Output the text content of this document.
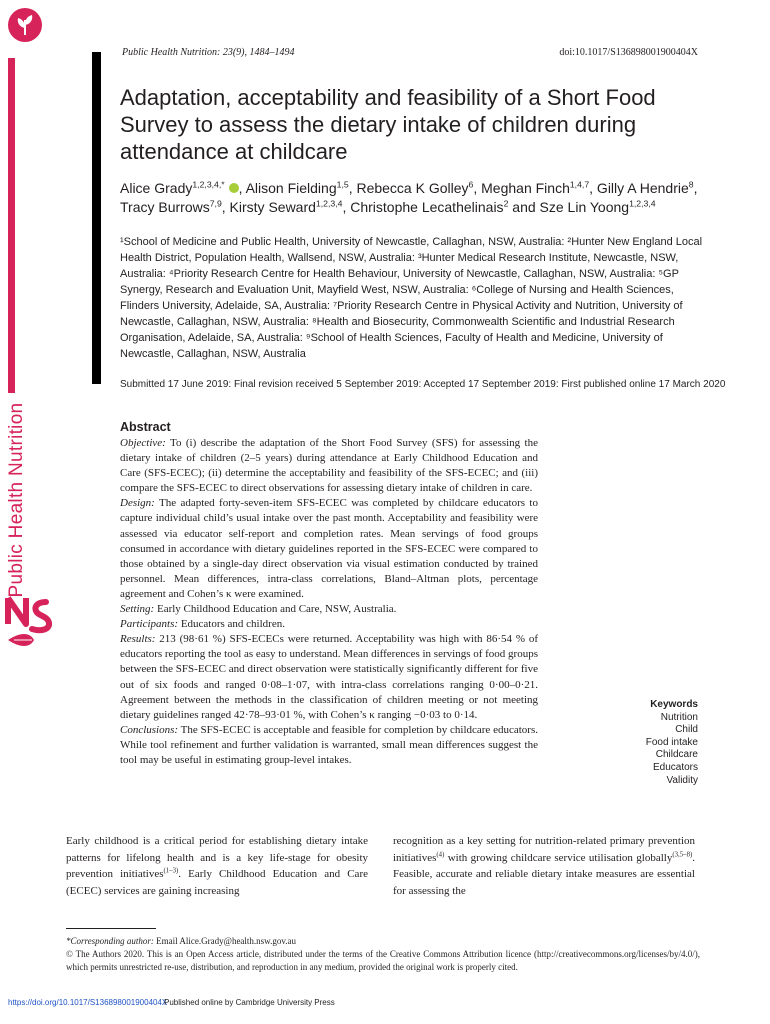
Public Health Nutrition
Public Health Nutrition: 23(9), 1484–1494	doi:10.1017/S136898001900404X
Adaptation, acceptability and feasibility of a Short Food Survey to assess the dietary intake of children during attendance at childcare
Alice Grady$^{1,2,3,4,*}$ , Alison Fielding$^{1,5}$, Rebecca K Golley$^6$, Meghan Finch$^{1,4,7}$, Gilly A Hendrie$^8$, Tracy Burrows$^{7,9}$, Kirsty Seward$^{1,2,3,4}$, Christophe Lecathelinais$^2$ and Sze Lin Yoong$^{1,2,3,4}$
¹School of Medicine and Public Health, University of Newcastle, Callaghan, NSW, Australia: ²Hunter New England Local Health District, Population Health, Wallsend, NSW, Australia: ³Hunter Medical Research Institute, Newcastle, NSW, Australia: ⁴Priority Research Centre for Health Behaviour, University of Newcastle, Callaghan, NSW, Australia: ⁵GP Synergy, Research and Evaluation Unit, Mayfield West, NSW, Australia: ⁶College of Nursing and Health Sciences, Flinders University, Adelaide, SA, Australia: ⁷Priority Research Centre in Physical Activity and Nutrition, University of Newcastle, Callaghan, NSW, Australia: ⁸Health and Biosecurity, Commonwealth Scientific and Industrial Research Organisation, Adelaide, SA, Australia: ⁹School of Health Sciences, Faculty of Health and Medicine, University of Newcastle, Callaghan, NSW, Australia
Submitted 17 June 2019: Final revision received 5 September 2019: Accepted 17 September 2019: First published online 17 March 2020
Abstract

Objective: To (i) describe the adaptation of the Short Food Survey (SFS) for assessing the dietary intake of children (2–5 years) during attendance at Early Childhood Education and Care (SFS-ECEC); (ii) determine the acceptability and feasibility of the SFS-ECEC; and (iii) compare the SFS-ECEC to direct observations for assessing dietary intake of children in care.

Design: The adapted forty-seven-item SFS-ECEC was completed by childcare educators to capture individual child’s usual intake over the past month. Acceptability and feasibility were assessed via educator self-report and completion rates. Mean servings of food groups consumed in accordance with dietary guidelines reported in the SFS-ECEC were compared to those obtained by a single-day direct observation via visual estimation conducted by trained personnel. Mean differences, intra-class correlations, Bland–Altman plots, percentage agreement and Cohen’s κ were examined.

Setting: Early Childhood Education and Care, NSW, Australia.

Participants: Educators and children.

Results: 213 (98·61 %) SFS-ECECs were returned. Acceptability was high with 86·54 % of educators reporting the tool as easy to understand. Mean differences in servings of food groups between the SFS-ECEC and direct observation were statistically significantly different for five out of six foods and ranged 0·08–1·07, with intra-class correlations ranging 0·00–0·21. Agreement between the methods in the classification of children meeting or not meeting dietary guidelines ranged 42·78–93·01 %, with Cohen’s κ ranging −0·03 to 0·14.

Conclusions: The SFS-ECEC is acceptable and feasible for completion by childcare educators. While tool refinement and further validation is warranted, small mean differences suggest the tool may be useful in estimating group-level intakes.

Keywords
Nutrition
Child
Food intake
Childcare
Educators
Validity
Early childhood is a critical period for establishing dietary intake patterns for lifelong health and is a key life-stage for obesity prevention initiatives$^{(1-3)}$. Early Childhood Education and Care (ECEC) services are gaining increasing
recognition as a key setting for nutrition-related primary prevention initiatives$^{(4)}$ with growing childcare service utilisation globally$^{(3,5-8)}$. Feasible, accurate and reliable dietary intake measures are essential for assessing the
*Corresponding author: Email Alice.Grady@health.nsw.gov.au
© The Authors 2020. This is an Open Access article, distributed under the terms of the Creative Commons Attribution licence (http://creativecommons.org/licenses/by/4.0/), which permits unrestricted re-use, distribution, and reproduction in any medium, provided the original work is properly cited.
https://doi.org/10.1017/S136898001900404X
Published online by Cambridge University Press
